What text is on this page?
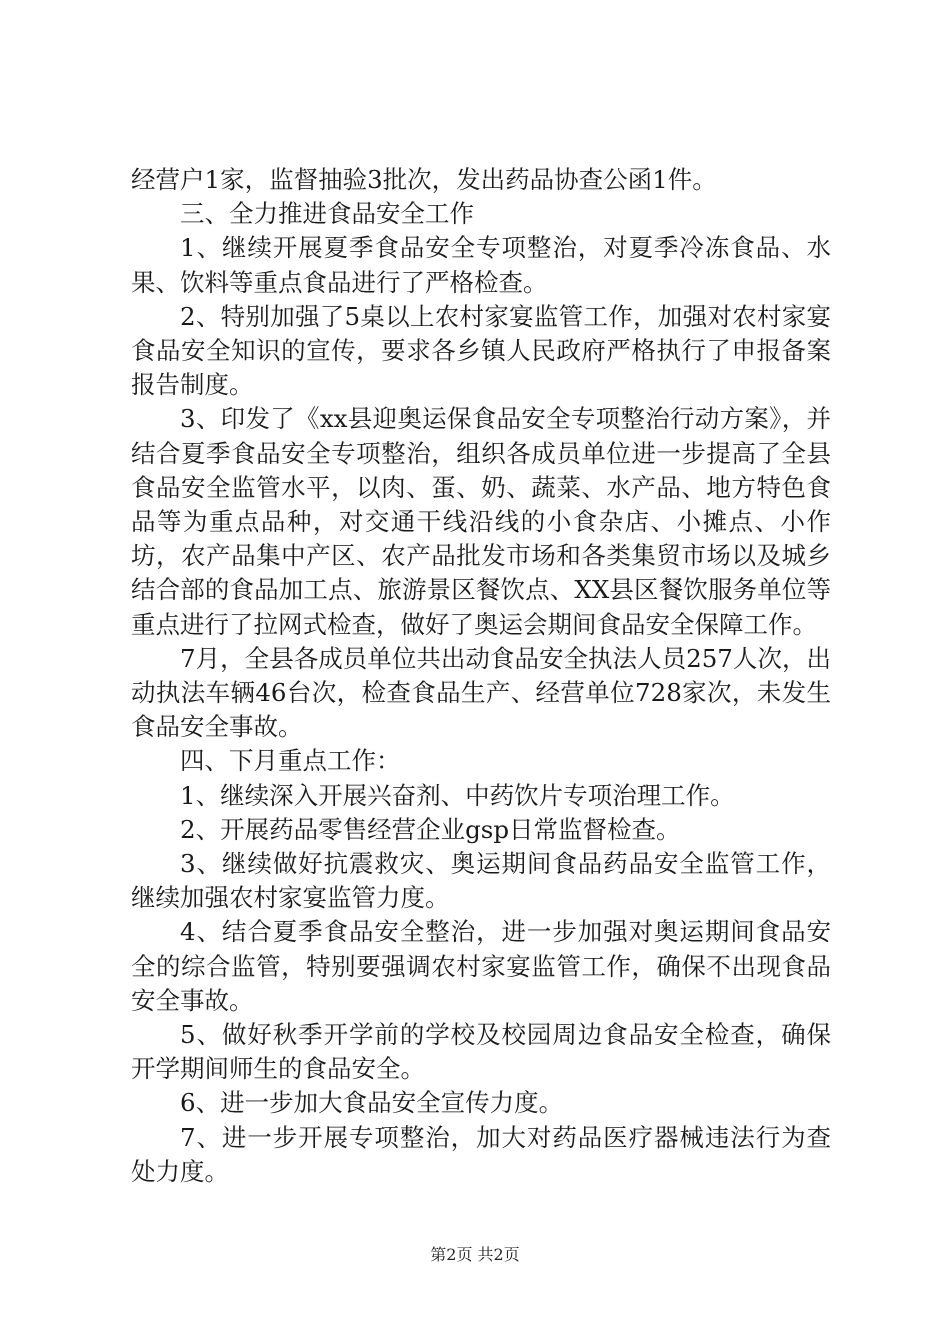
经营户1家，监督抽验3批次，发出药品协查公函1件。

三、全力推进食品安全工作

1、继续开展夏季食品安全专项整治，对夏季冷冻食品、水果、饮料等重点食品进行了严格检查。

2、特别加强了5桌以上农村家宴监管工作，加强对农村家宴食品安全知识的宣传，要求各乡镇人民政府严格执行了申报备案报告制度。

3、印发了《xx县迎奥运保食品安全专项整治行动方案》，并结合夏季食品安全专项整治，组织各成员单位进一步提高了全县食品安全监管水平，以肉、蛋、奶、蔬菜、水产品、地方特色食品等为重点品种，对交通干线沿线的小食杂店、小摊点、小作坊，农产品集中产区、农产品批发市场和各类集贸市场以及城乡结合部的食品加工点、旅游景区餐饮点、XX县区餐饮服务单位等重点进行了拉网式检查，做好了奥运会期间食品安全保障工作。

7月，全县各成员单位共出动食品安全执法人员257人次，出动执法车辆46台次，检查食品生产、经营单位728家次，未发生食品安全事故。

四、下月重点工作：

1、继续深入开展兴奋剂、中药饮片专项治理工作。

2、开展药品零售经营企业gsp日常监督检查。

3、继续做好抗震救灾、奥运期间食品药品安全监管工作，继续加强农村家宴监管力度。

4、结合夏季食品安全整治，进一步加强对奥运期间食品安全的综合监管，特别要强调农村家宴监管工作，确保不出现食品安全事故。

5、做好秋季开学前的学校及校园周边食品安全检查，确保开学期间师生的食品安全。

6、进一步加大食品安全宣传力度。

7、进一步开展专项整治，加大对药品医疗器械违法行为查处力度。

第2页 共2页
